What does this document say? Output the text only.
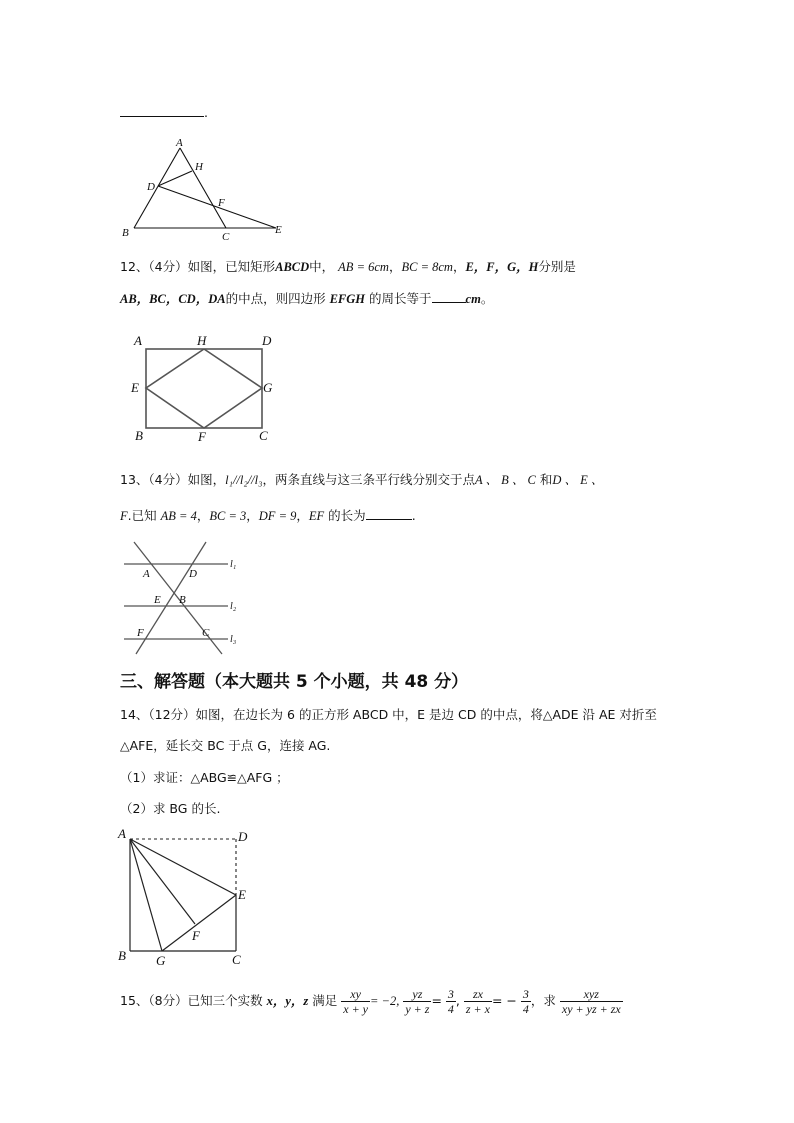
.
A
H
D
F
B	C
E
12、（4分）如图，已知矩形ABCD中， AB = 6cm，BC = 8cm，E，F，G，H分别是
AB，BC，CD，DA的中点，则四边形 EFGH 的周长等于	cm。
A	H	D
E	G
B	F	C
13、（4分）如图，l₁//l₂//l₃，两条直线与这三条平行线分别交于点A 、 B 、 C 和D 、 E 、
F.已知 AB = 4，BC = 3，DF = 9，EF 的长为	.
A	D
E B
F	C
l₁
l₂
l₃
三、解答题（本大题共 5 个小题，共 48 分）
14、（12分）如图，在边长为 6 的正方形 ABCD 中，E 是边 CD 的中点，将△ADE 沿 AE 对折至
△AFE，延长交 BC 于点 G，连接 AG.
（1）求证：△ABG≌△AFG ；
（2）求 BG 的长.
A	D
E
F
B G	C
15、（8分）已知三个实数 x，y，z 满足 $\frac{xy}{x + y} = -2$, $\frac{yz}{y + z} = \frac{3}{4}$ , $\frac{zx}{z + x}$ = − $\frac{3}{4}$ ，求 $\frac{\text{xyz}}{xy + yz + zx}$
